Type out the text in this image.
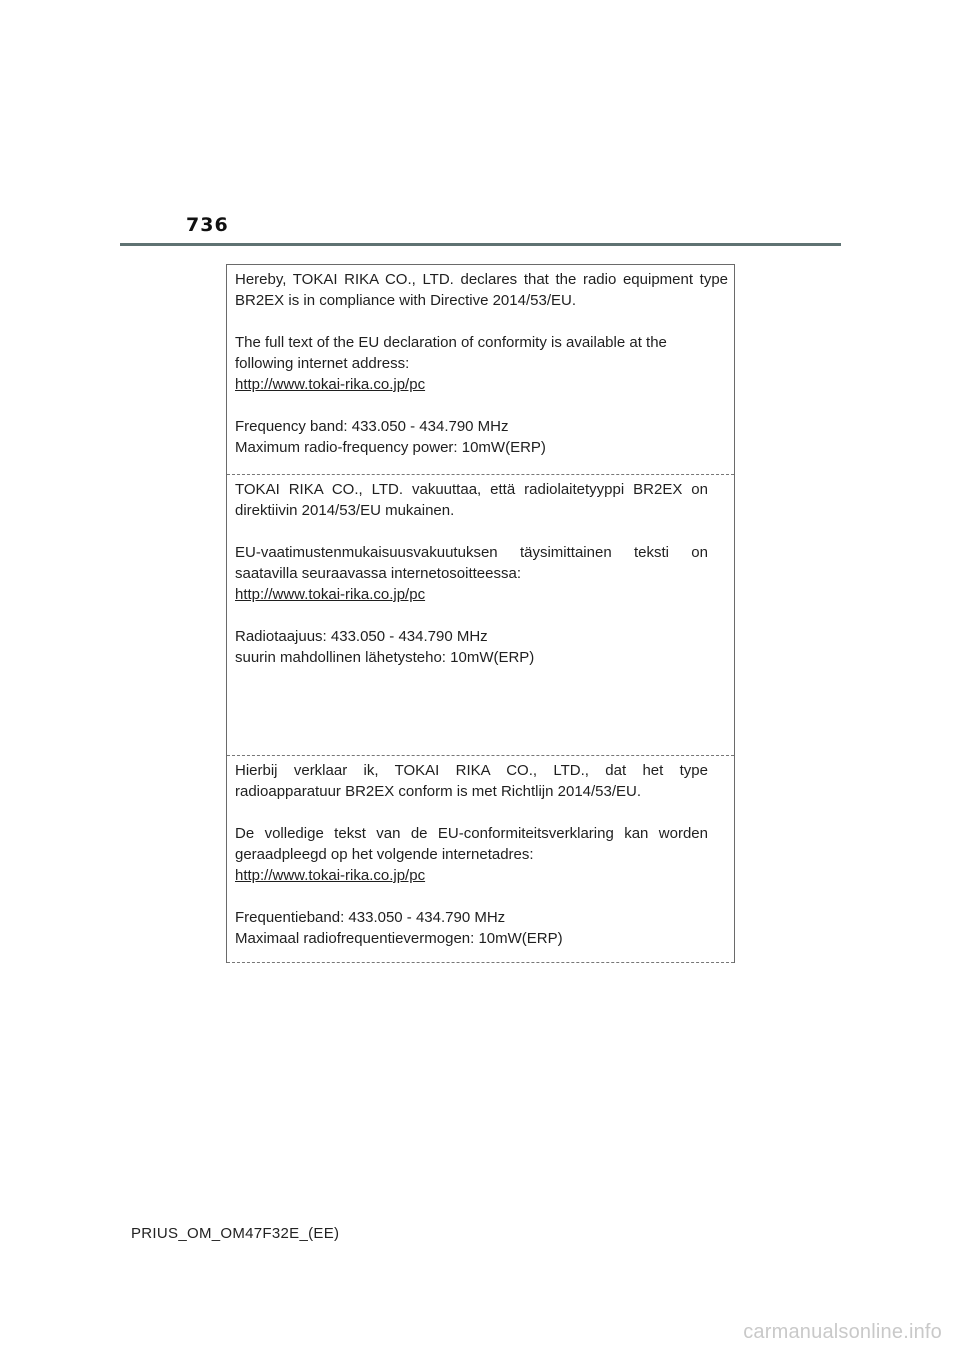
736

Hereby, TOKAI RIKA CO., LTD. declares that the radio equipment type
BR2EX is in compliance with Directive 2014/53/EU.

The full text of the EU declaration of conformity is available at the
following internet address:

http://www.tokai-rika.co.jp/pc

Frequency band: 433.050 - 434.790 MHz
Maximum radio-frequency power: 10mW(ERP)

TOKAI RIKA CO., LTD. vakuuttaa, että radiolaitetyyppi BR2EX on
direktiivin 2014/53/EU mukainen.

EU-vaatimustenmukaisuusvakuutuksen täysimittainen teksti on
saatavilla seuraavassa internetosoitteessa:

http://www.tokai-rika.co.jp/pc

Radiotaajuus: 433.050 - 434.790 MHz
suurin mahdollinen lähetysteho: 10mW(ERP)

Hierbij verklaar ik, TOKAI RIKA CO., LTD., dat het type
radioapparatuur BR2EX conform is met Richtlijn 2014/53/EU.

De volledige tekst van de EU-conformiteitsverklaring kan worden
geraadpleegd op het volgende internetadres:

http://www.tokai-rika.co.jp/pc

Frequentieband: 433.050 - 434.790 MHz
Maximaal radiofrequentievermogen: 10mW(ERP)

PRIUS_OM_OM47F32E_(EE)
carmanualsonline.info
